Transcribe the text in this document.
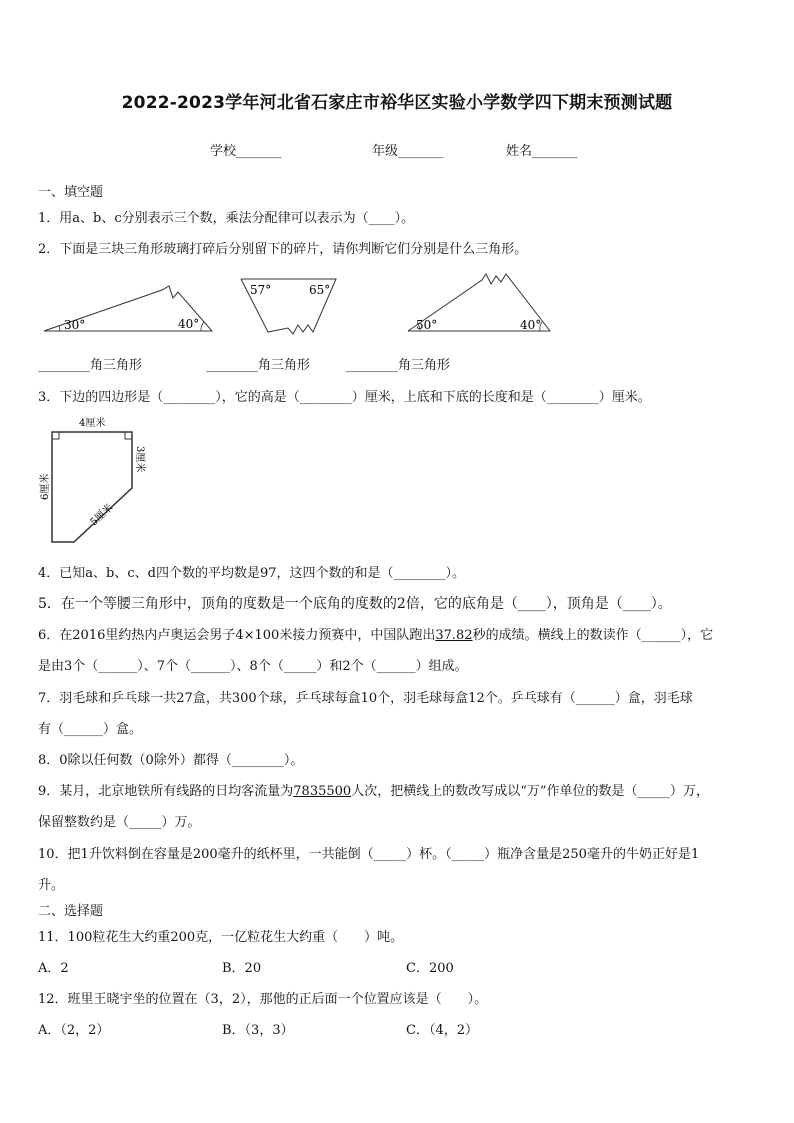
2022-2023学年河北省石家庄市裕华区实验小学数学四下期末预测试题
学校_______	年级_______	姓名_______
一、填空题
1．用a、b、c分别表示三个数，乘法分配律可以表示为（____）。
2．下面是三块三角形玻璃打碎后分别留下的碎片，请你判断它们分别是什么三角形。
30°	40°
57°	65°
50°	40°
________角三角形	________角三角形	________角三角形
3．下边的四边形是（________），它的高是（________）厘米，上底和下底的长度和是（________）厘米。
4厘米
3厘米
6厘米
5厘米
4．已知a、b、c、d四个数的平均数是97，这四个数的和是（________）。
5．在一个等腰三角形中，顶角的度数是一个底角的度数的2倍，它的底角是（____），顶角是（____）。
6．在2016里约热内卢奥运会男子4×100米接力预赛中，中国队跑出37.82秒的成绩。横线上的数读作（______），它
是由3个（______）、7个（______）、8个（_____）和2个（______）组成。
7．羽毛球和乒乓球一共27盒，共300个球，乒乓球每盒10个，羽毛球每盒12个。乒乓球有（______）盒，羽毛球
有（______）盒。
8．0除以任何数（0除外）都得（________）。
9．某月，北京地铁所有线路的日均客流量为7835500人次，把横线上的数改写成以“万”作单位的数是（_____）万，
保留整数约是（_____）万。
10．把1升饮料倒在容量是200毫升的纸杯里，一共能倒（_____）杯。（_____）瓶净含量是250毫升的牛奶正好是1
升。
二、选择题
11．100粒花生大约重200克，一亿粒花生大约重（　　）吨。
A．2	B．20	C．200
12．班里王晓宇坐的位置在（3，2），那他的正后面一个位置应该是（　　）。
A．（2，2）	B．（3，3）	C．（4，2）
